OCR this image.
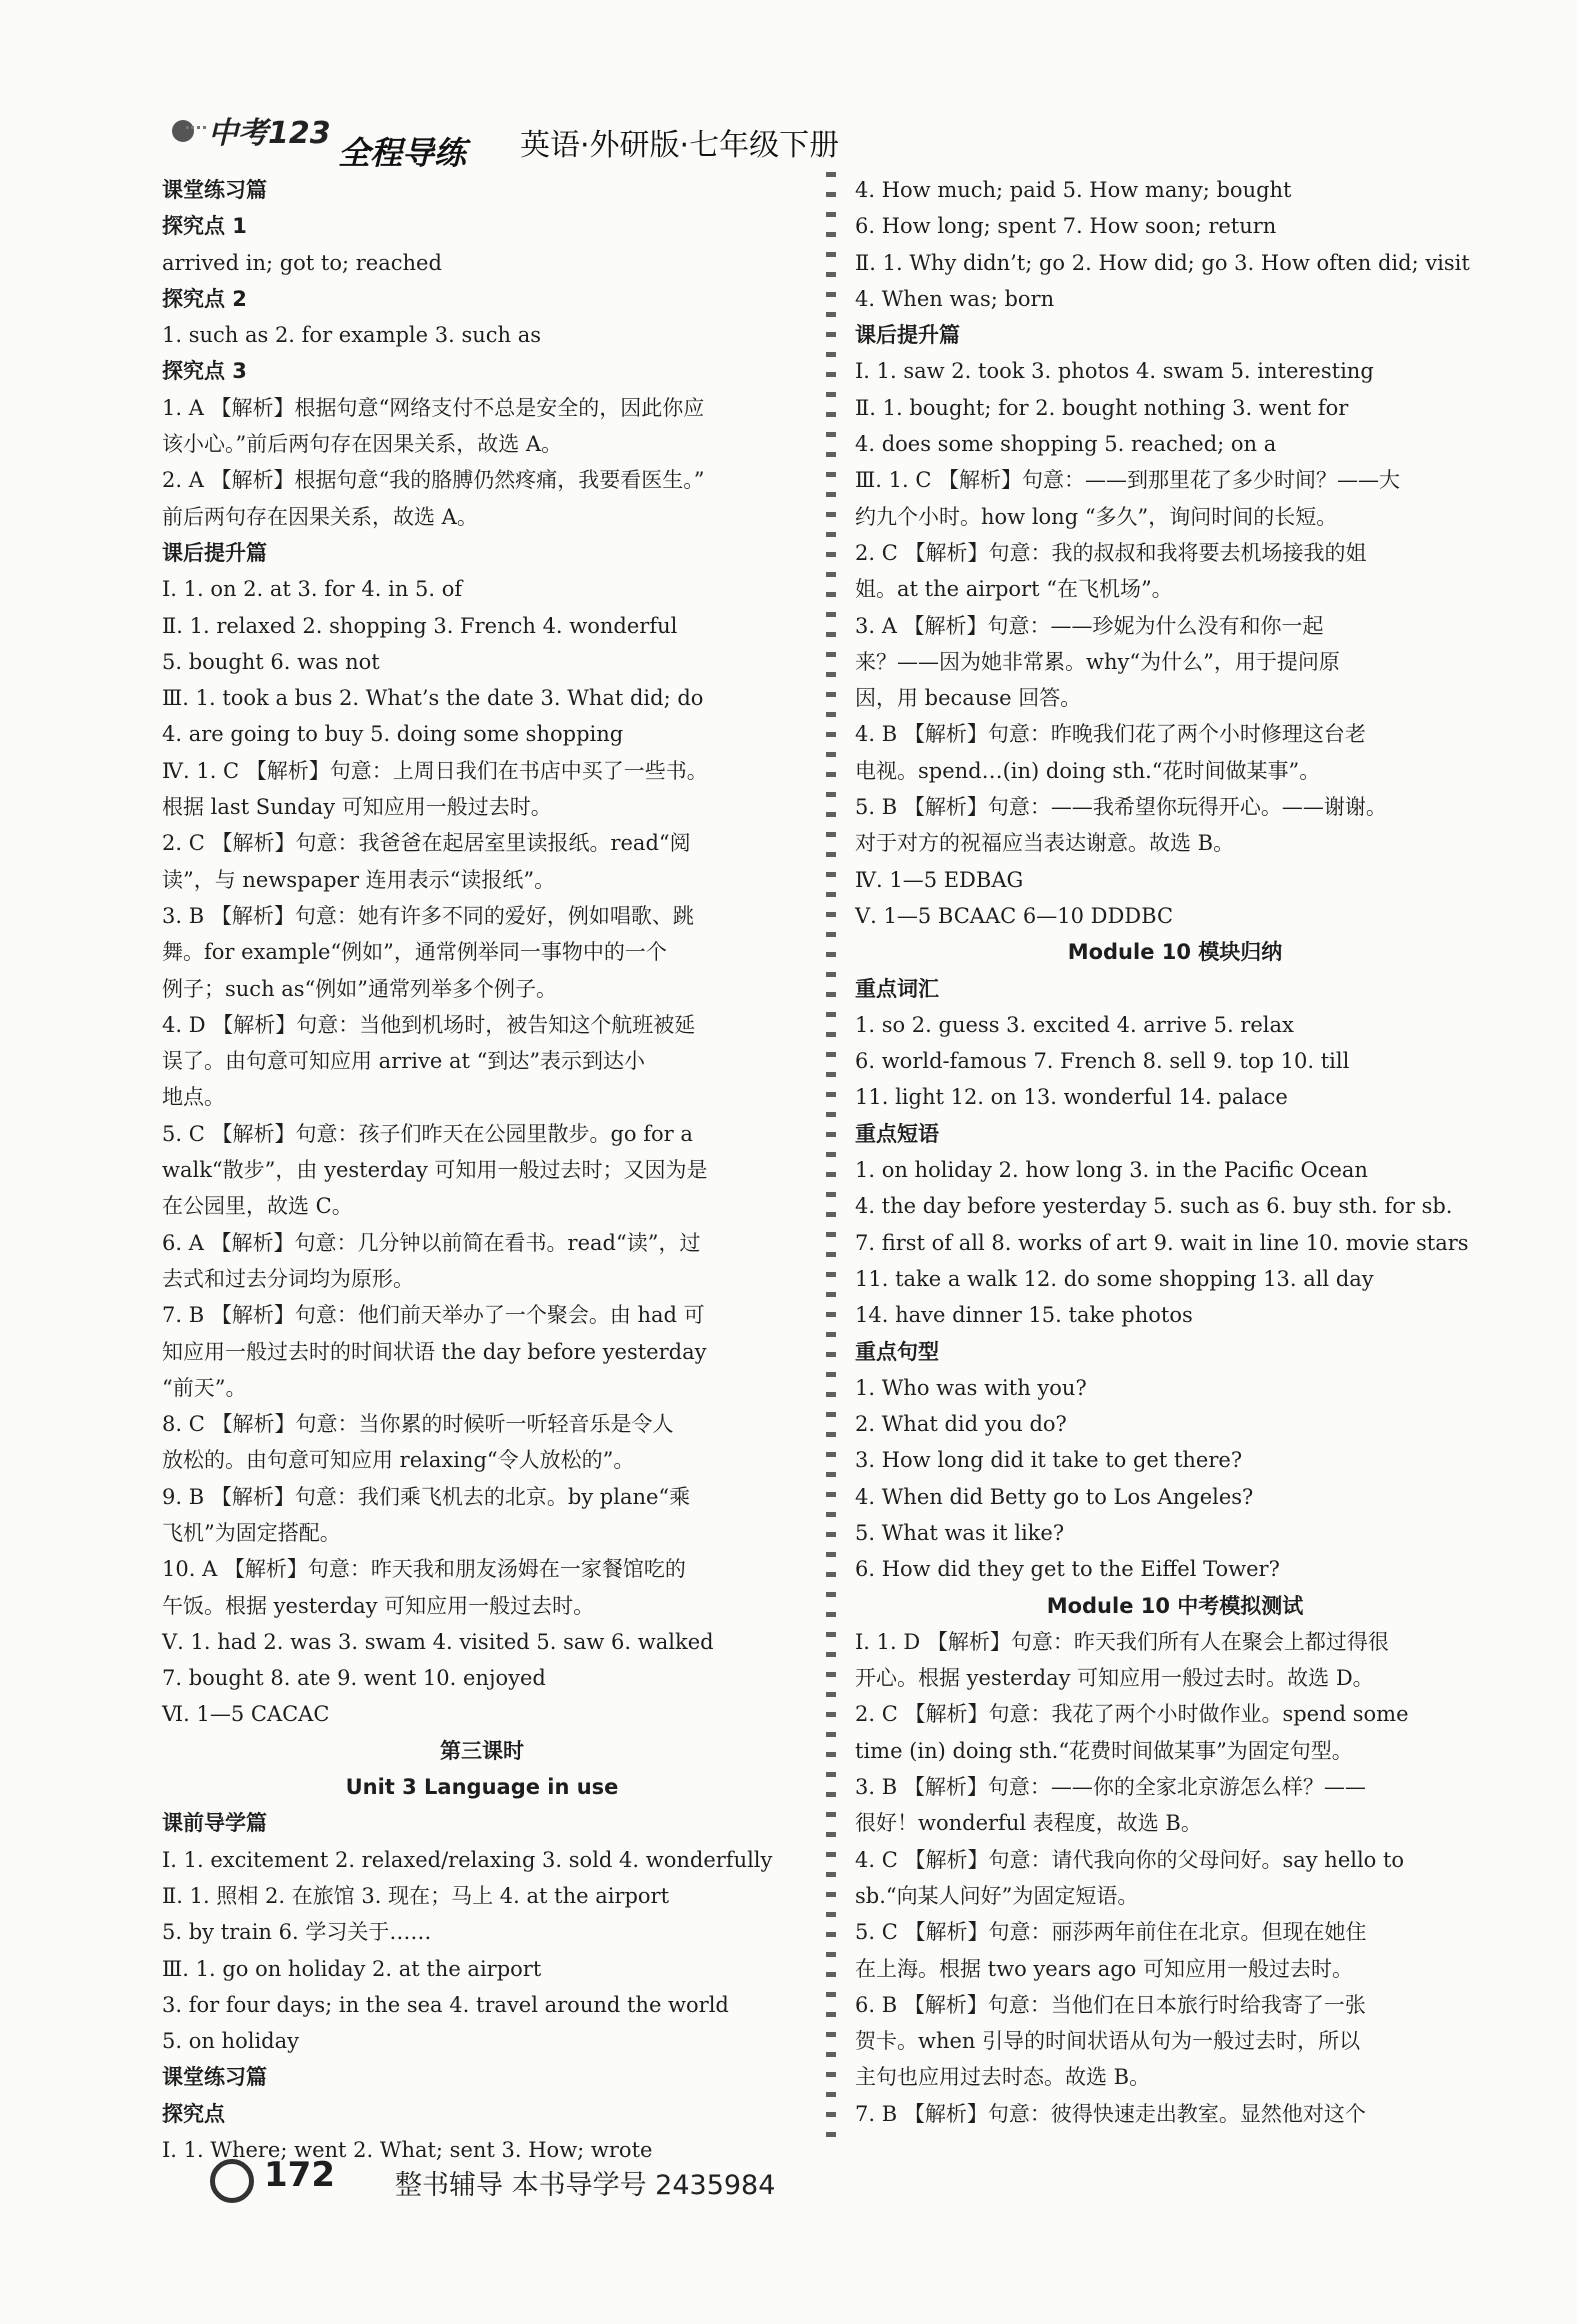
中考123
全程导练 英语·外研版·七年级下册
课堂练习篇
探究点 1
arrived in; got to; reached
探究点 2
1. such as 2. for example 3. such as
探究点 3
1. A 【解析】根据句意“网络支付不总是安全的，因此你应
该小心。”前后两句存在因果关系，故选 A。
2. A 【解析】根据句意“我的胳膊仍然疼痛，我要看医生。”
前后两句存在因果关系，故选 A。
课后提升篇
Ⅰ. 1. on 2. at 3. for 4. in 5. of
Ⅱ. 1. relaxed 2. shopping 3. French 4. wonderful
5. bought 6. was not
Ⅲ. 1. took a bus 2. What’s the date 3. What did; do
4. are going to buy 5. doing some shopping
Ⅳ. 1. C 【解析】句意：上周日我们在书店中买了一些书。
根据 last Sunday 可知应用一般过去时。
2. C 【解析】句意：我爸爸在起居室里读报纸。read“阅
读”，与 newspaper 连用表示“读报纸”。
3. B 【解析】句意：她有许多不同的爱好，例如唱歌、跳
舞。for example“例如”，通常例举同一事物中的一个
例子；such as“例如”通常列举多个例子。
4. D 【解析】句意：当他到机场时，被告知这个航班被延
误了。由句意可知应用 arrive at “到达”表示到达小
地点。
5. C 【解析】句意：孩子们昨天在公园里散步。go for a
walk“散步”，由 yesterday 可知用一般过去时；又因为是
在公园里，故选 C。
6. A 【解析】句意：几分钟以前简在看书。read“读”，过
去式和过去分词均为原形。
7. B 【解析】句意：他们前天举办了一个聚会。由 had 可
知应用一般过去时的时间状语 the day before yesterday
“前天”。
8. C 【解析】句意：当你累的时候听一听轻音乐是令人
放松的。由句意可知应用 relaxing“令人放松的”。
9. B 【解析】句意：我们乘飞机去的北京。by plane“乘
飞机”为固定搭配。
10. A 【解析】句意：昨天我和朋友汤姆在一家餐馆吃的
午饭。根据 yesterday 可知应用一般过去时。
Ⅴ. 1. had 2. was 3. swam 4. visited 5. saw 6. walked
7. bought 8. ate 9. went 10. enjoyed
Ⅵ. 1—5 CACAC
第三课时
Unit 3 Language in use
课前导学篇
Ⅰ. 1. excitement 2. relaxed/relaxing 3. sold 4. wonderfully
Ⅱ. 1. 照相 2. 在旅馆 3. 现在；马上 4. at the airport
5. by train 6. 学习关于……
Ⅲ. 1. go on holiday 2. at the airport
3. for four days; in the sea 4. travel around the world
5. on holiday
课堂练习篇
探究点
Ⅰ. 1. Where; went 2. What; sent 3. How; wrote
4. How much; paid 5. How many; bought
6. How long; spent 7. How soon; return
Ⅱ. 1. Why didn’t; go 2. How did; go 3. How often did; visit
4. When was; born
课后提升篇
Ⅰ. 1. saw 2. took 3. photos 4. swam 5. interesting
Ⅱ. 1. bought; for 2. bought nothing 3. went for
4. does some shopping 5. reached; on a
Ⅲ. 1. C 【解析】句意：——到那里花了多少时间？——大
约九个小时。how long “多久”，询问时间的长短。
2. C 【解析】句意：我的叔叔和我将要去机场接我的姐
姐。at the airport “在飞机场”。
3. A 【解析】句意：——珍妮为什么没有和你一起
来？——因为她非常累。why“为什么”，用于提问原
因，用 because 回答。
4. B 【解析】句意：昨晚我们花了两个小时修理这台老
电视。spend…(in) doing sth.“花时间做某事”。
5. B 【解析】句意：——我希望你玩得开心。——谢谢。
对于对方的祝福应当表达谢意。故选 B。
Ⅳ. 1—5 EDBAG
Ⅴ. 1—5 BCAAC 6—10 DDDBC
Module 10 模块归纳
重点词汇
1. so 2. guess 3. excited 4. arrive 5. relax
6. world-famous 7. French 8. sell 9. top 10. till
11. light 12. on 13. wonderful 14. palace
重点短语
1. on holiday 2. how long 3. in the Pacific Ocean
4. the day before yesterday 5. such as 6. buy sth. for sb.
7. first of all 8. works of art 9. wait in line 10. movie stars
11. take a walk 12. do some shopping 13. all day
14. have dinner 15. take photos
重点句型
1. Who was with you?
2. What did you do?
3. How long did it take to get there?
4. When did Betty go to Los Angeles?
5. What was it like?
6. How did they get to the Eiffel Tower?
Module 10 中考模拟测试
Ⅰ. 1. D 【解析】句意：昨天我们所有人在聚会上都过得很
开心。根据 yesterday 可知应用一般过去时。故选 D。
2. C 【解析】句意：我花了两个小时做作业。spend some
time (in) doing sth.“花费时间做某事”为固定句型。
3. B 【解析】句意：——你的全家北京游怎么样？——
很好！wonderful 表程度，故选 B。
4. C 【解析】句意：请代我向你的父母问好。say hello to
sb.“向某人问好”为固定短语。
5. C 【解析】句意：丽莎两年前住在北京。但现在她住
在上海。根据 two years ago 可知应用一般过去时。
6. B 【解析】句意：当他们在日本旅行时给我寄了一张
贺卡。when 引导的时间状语从句为一般过去时，所以
主句也应用过去时态。故选 B。
7. B 【解析】句意：彼得快速走出教室。显然他对这个
172 整书辅导 本书导学号 2435984
